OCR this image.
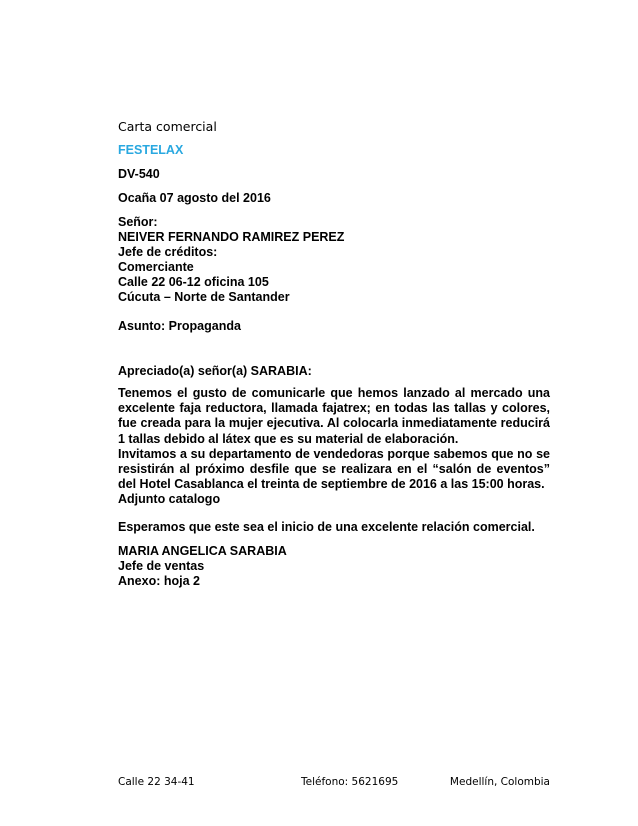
Carta comercial
FESTELAX
DV-540
Ocaña 07 agosto del 2016
Señor:
NEIVER FERNANDO RAMIREZ PEREZ
Jefe de créditos:
Comerciante
Calle 22 06-12 oficina 105
Cúcuta – Norte de Santander
Asunto: Propaganda
Apreciado(a) señor(a) SARABIA:

Tenemos el gusto de comunicarle que hemos lanzado al mercado una excelente faja reductora, llamada fajatrex; en todas las tallas y colores, fue creada para la mujer ejecutiva. Al colocarla inmediatamente reducirá 1 tallas debido al látex que es su material de elaboración.

Invitamos a su departamento de vendedoras porque sabemos que no se resistirán al próximo desfile que se realizara en el “salón de eventos” del Hotel Casablanca el treinta de septiembre de 2016 a las 15:00 horas.

Adjunto catalogo

Esperamos que este sea el inicio de una excelente relación comercial.
MARIA ANGELICA SARABIA
Jefe de ventas
Anexo: hoja 2
Calle 22 34-41	Teléfono: 5621695	Medellín, Colombia
